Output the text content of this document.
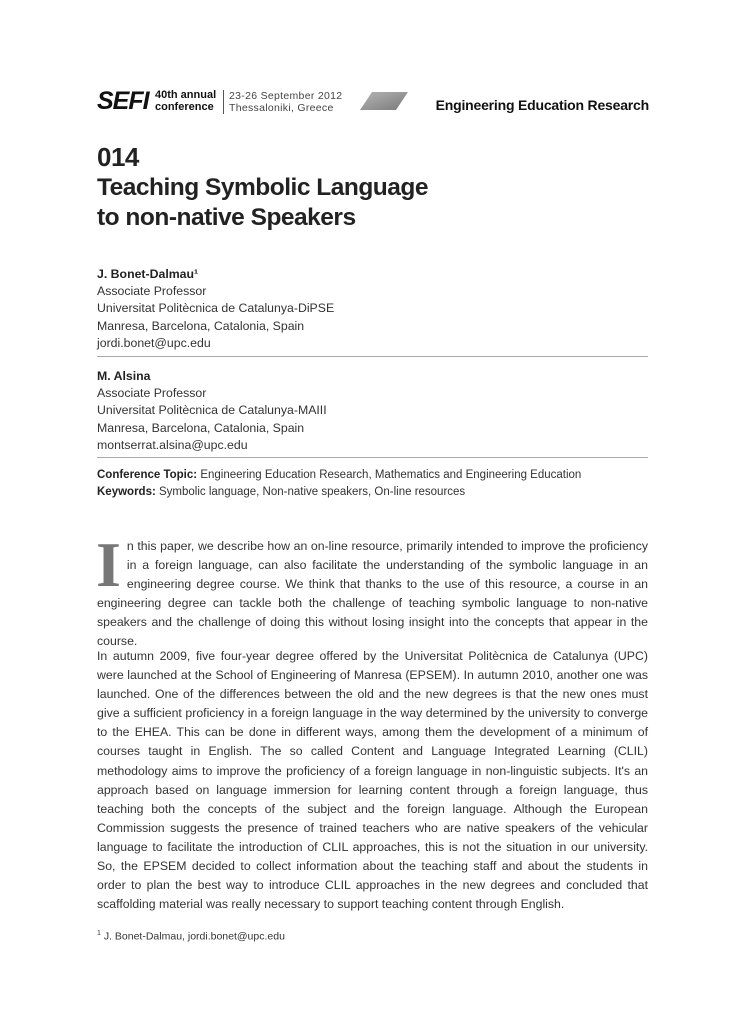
SEFI 40th annual
conference
23-26 September 2012
Thessaloniki, Greece	Engineering Education Research
014
Teaching Symbolic Language
to non-native Speakers
J. Bonet-Dalmau¹
Associate Professor
Universitat Politècnica de Catalunya-DiPSE
Manresa, Barcelona, Catalonia, Spain
jordi.bonet@upc.edu
M. Alsina
Associate Professor
Universitat Politècnica de Catalunya-MAIII
Manresa, Barcelona, Catalonia, Spain
montserrat.alsina@upc.edu
Conference Topic: Engineering Education Research, Mathematics and Engineering Education
Keywords: Symbolic language, Non-native speakers, On-line resources
In this paper, we describe how an on-line resource, primarily intended to improve the proficiency in a foreign language, can also facilitate the understanding of the symbolic language in an engineering degree course. We think that thanks to the use of this resource, a course in an engineering degree can tackle both the challenge of teaching symbolic language to non-native speakers and the challenge of doing this without losing insight into the concepts that appear in the course.
In autumn 2009, five four-year degree offered by the Universitat Politècnica de Catalunya (UPC) were launched at the School of Engineering of Manresa (EPSEM). In autumn 2010, another one was launched. One of the differences between the old and the new degrees is that the new ones must give a sufficient proficiency in a foreign language in the way determined by the university to converge to the EHEA. This can be done in different ways, among them the development of a minimum of courses taught in English. The so called Content and Language Integrated Learning (CLIL) methodology aims to improve the proficiency of a foreign language in non-linguistic subjects. It's an approach based on language immersion for learning content through a foreign language, thus teaching both the concepts of the subject and the foreign language. Although the European Commission suggests the presence of trained teachers who are native speakers of the vehicular language to facilitate the introduction of CLIL approaches, this is not the situation in our university. So, the EPSEM decided to collect information about the teaching staff and about the students in order to plan the best way to introduce CLIL approaches in the new degrees and concluded that scaffolding material was really necessary to support teaching content through English.
$^1$ J. Bonet-Dalmau, jordi.bonet@upc.edu
